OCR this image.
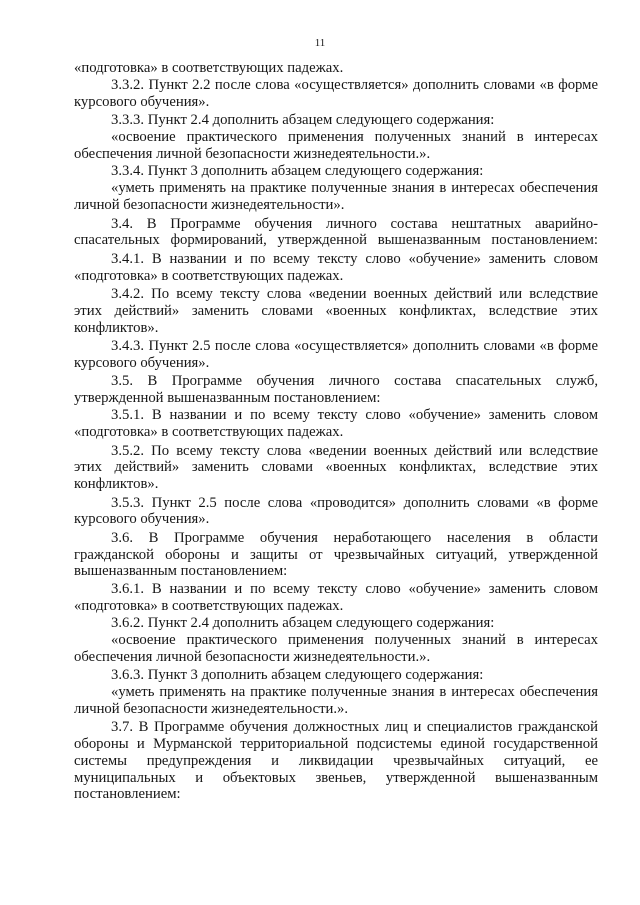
11

«подготовка» в соответствующих падежах.

3.3.2. Пункт 2.2 после слова «осуществляется» дополнить словами «в форме курсового обучения».

3.3.3. Пункт 2.4 дополнить абзацем следующего содержания:

«освоение практического применения полученных знаний в интересах обеспечения личной безопасности жизнедеятельности.».

3.3.4. Пункт 3 дополнить абзацем следующего содержания:

«уметь применять на практике полученные знания в интересах обеспечения личной безопасности жизнедеятельности».

3.4. В Программе обучения личного состава нештатных аварийно-спасательных формирований, утвержденной вышеназванным постановлением:

3.4.1. В названии и по всему тексту слово «обучение» заменить словом «подготовка» в соответствующих падежах.

3.4.2. По всему тексту слова «ведении военных действий или вследствие этих действий» заменить словами «военных конфликтах, вследствие этих конфликтов».

3.4.3. Пункт 2.5 после слова «осуществляется» дополнить словами «в форме курсового обучения».

3.5. В Программе обучения личного состава спасательных служб, утвержденной вышеназванным постановлением:

3.5.1. В названии и по всему тексту слово «обучение» заменить словом «подготовка» в соответствующих падежах.

3.5.2. По всему тексту слова «ведении военных действий или вследствие этих действий» заменить словами «военных конфликтах, вследствие этих конфликтов».

3.5.3. Пункт 2.5 после слова «проводится» дополнить словами «в форме курсового обучения».

3.6. В Программе обучения неработающего населения в области гражданской обороны и защиты от чрезвычайных ситуаций, утвержденной вышеназванным постановлением:

3.6.1. В названии и по всему тексту слово «обучение» заменить словом «подготовка» в соответствующих падежах.

3.6.2. Пункт 2.4 дополнить абзацем следующего содержания:

«освоение практического применения полученных знаний в интересах обеспечения личной безопасности жизнедеятельности.».

3.6.3. Пункт 3 дополнить абзацем следующего содержания:

«уметь применять на практике полученные знания в интересах обеспечения личной безопасности жизнедеятельности.».

3.7. В Программе обучения должностных лиц и специалистов гражданской обороны и Мурманской территориальной подсистемы единой государственной системы предупреждения и ликвидации чрезвычайных ситуаций, ее муниципальных и объектовых звеньев, утвержденной вышеназванным постановлением:
